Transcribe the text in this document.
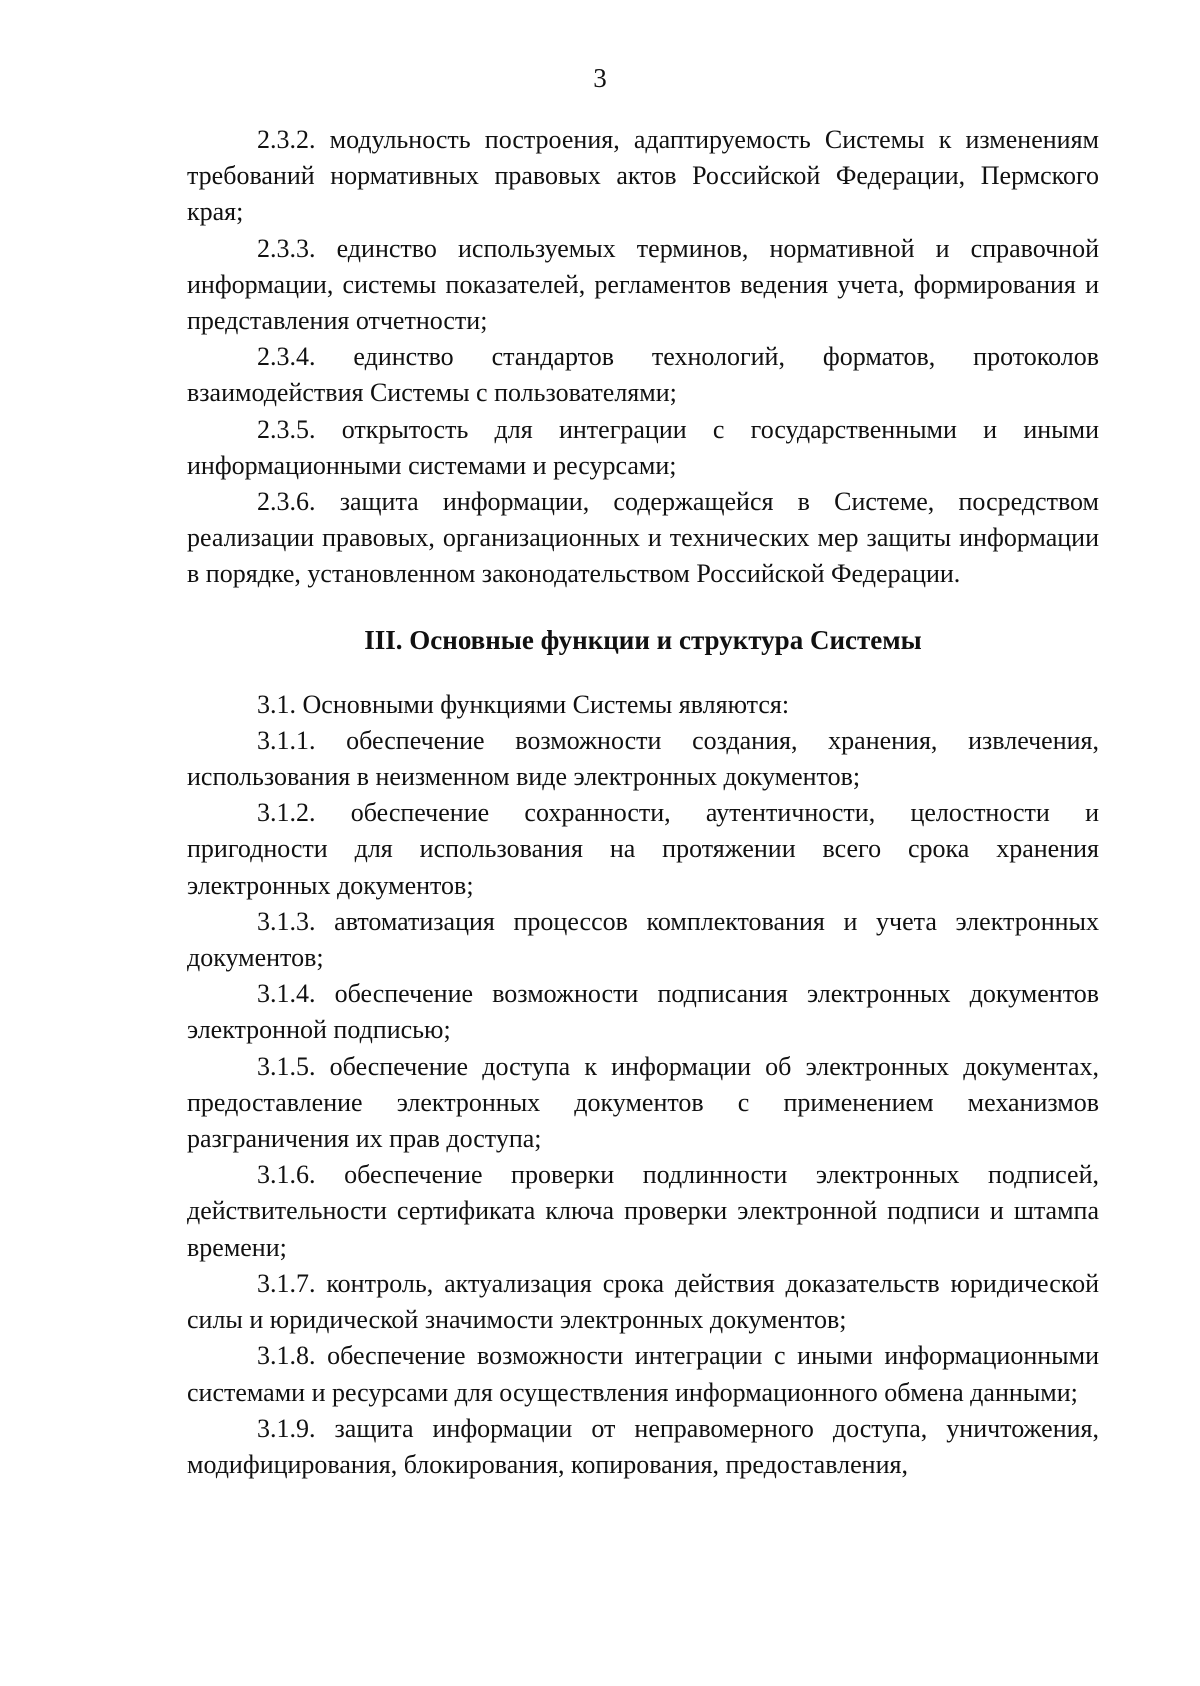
3

2.3.2. модульность построения, адаптируемость Системы к изменениям требований нормативных правовых актов Российской Федерации, Пермского края;

2.3.3. единство используемых терминов, нормативной и справочной информации, системы показателей, регламентов ведения учета, формирования и представления отчетности;

2.3.4. единство стандартов технологий, форматов, протоколов взаимодействия Системы с пользователями;

2.3.5. открытость для интеграции с государственными и иными информационными системами и ресурсами;

2.3.6. защита информации, содержащейся в Системе, посредством реализации правовых, организационных и технических мер защиты информации в порядке, установленном законодательством Российской Федерации.

III. Основные функции и структура Системы

3.1. Основными функциями Системы являются:

3.1.1. обеспечение возможности создания, хранения, извлечения, использования в неизменном виде электронных документов;

3.1.2. обеспечение сохранности, аутентичности, целостности и пригодности для использования на протяжении всего срока хранения электронных документов;

3.1.3. автоматизация процессов комплектования и учета электронных документов;

3.1.4. обеспечение возможности подписания электронных документов электронной подписью;

3.1.5. обеспечение доступа к информации об электронных документах, предоставление электронных документов с применением механизмов разграничения их прав доступа;

3.1.6. обеспечение проверки подлинности электронных подписей, действительности сертификата ключа проверки электронной подписи и штампа времени;

3.1.7. контроль, актуализация срока действия доказательств юридической силы и юридической значимости электронных документов;

3.1.8. обеспечение возможности интеграции с иными информационными системами и ресурсами для осуществления информационного обмена данными;

3.1.9. защита информации от неправомерного доступа, уничтожения, модифицирования, блокирования, копирования, предоставления,
